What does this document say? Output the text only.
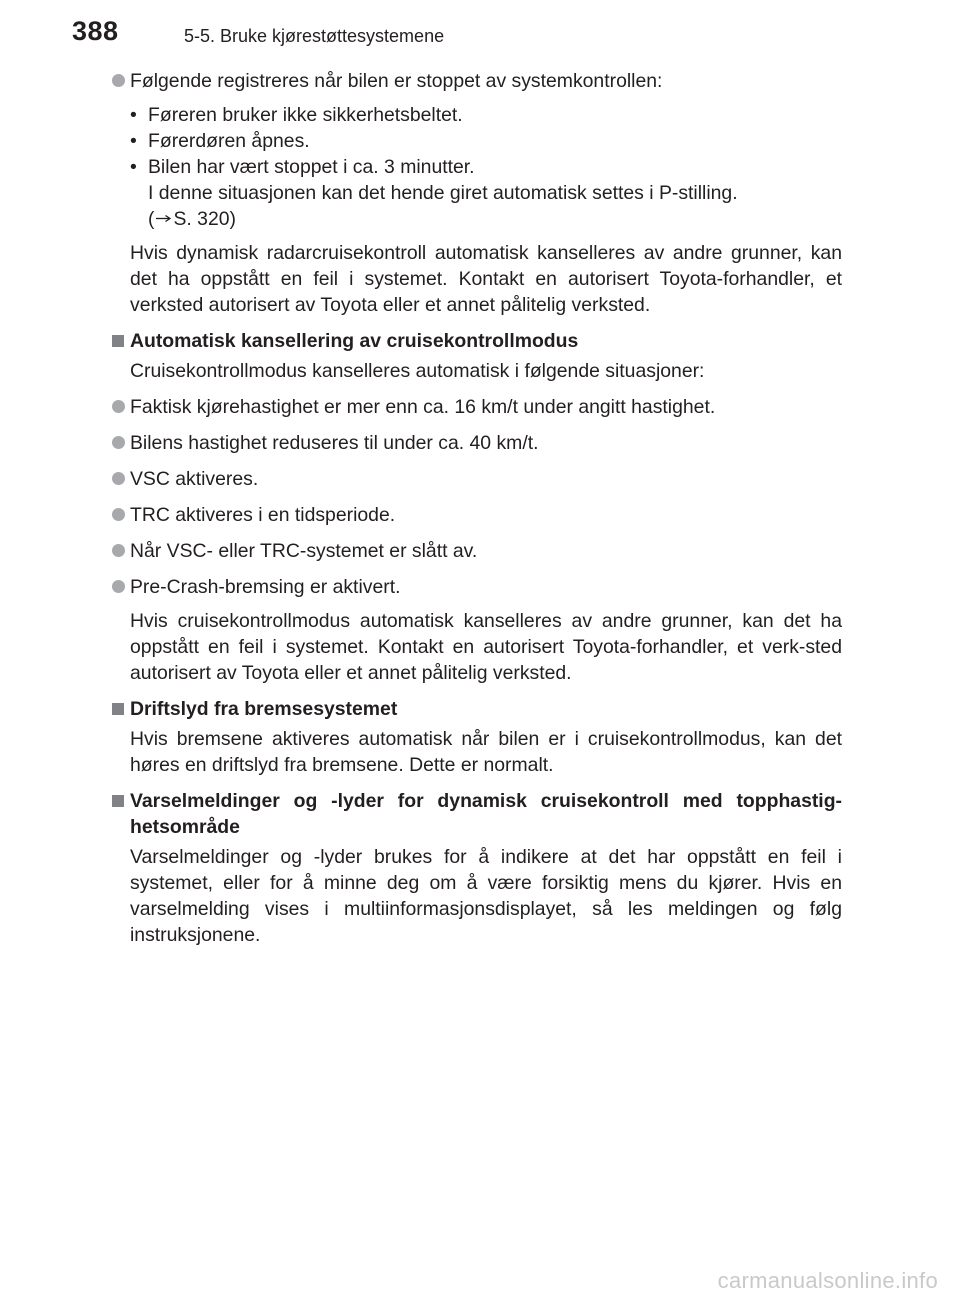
388	5-5. Bruke kjørestøttesystemene
Følgende registreres når bilen er stoppet av systemkontrollen:
• Føreren bruker ikke sikkerhetsbeltet.
• Førerdøren åpnes.
• Bilen har vært stoppet i ca. 3 minutter.
I denne situasjonen kan det hende giret automatisk settes i P-stilling.
( S. 320)
Hvis dynamisk radarcruisekontroll automatisk kanselleres av andre grunner, kan det ha oppstått en feil i systemet. Kontakt en autorisert Toyota-forhandler, et verksted autorisert av Toyota eller et annet pålitelig verksted.
Automatisk kansellering av cruisekontrollmodus
Cruisekontrollmodus kanselleres automatisk i følgende situasjoner:
Faktisk kjørehastighet er mer enn ca. 16 km/t under angitt hastighet.
Bilens hastighet reduseres til under ca. 40 km/t.
VSC aktiveres.
TRC aktiveres i en tidsperiode.
Når VSC- eller TRC-systemet er slått av.
Pre-Crash-bremsing er aktivert.
Hvis cruisekontrollmodus automatisk kanselleres av andre grunner, kan det ha oppstått en feil i systemet. Kontakt en autorisert Toyota-forhandler, et verk-sted autorisert av Toyota eller et annet pålitelig verksted.
Driftslyd fra bremsesystemet
Hvis bremsene aktiveres automatisk når bilen er i cruisekontrollmodus, kan det høres en driftslyd fra bremsene. Dette er normalt.
Varselmeldinger og -lyder for dynamisk cruisekontroll med topphastig-hetsområde
Varselmeldinger og -lyder brukes for å indikere at det har oppstått en feil i systemet, eller for å minne deg om å være forsiktig mens du kjører. Hvis en varselmelding vises i multiinformasjonsdisplayet, så les meldingen og følg instruksjonene.
carmanualsonline.info
